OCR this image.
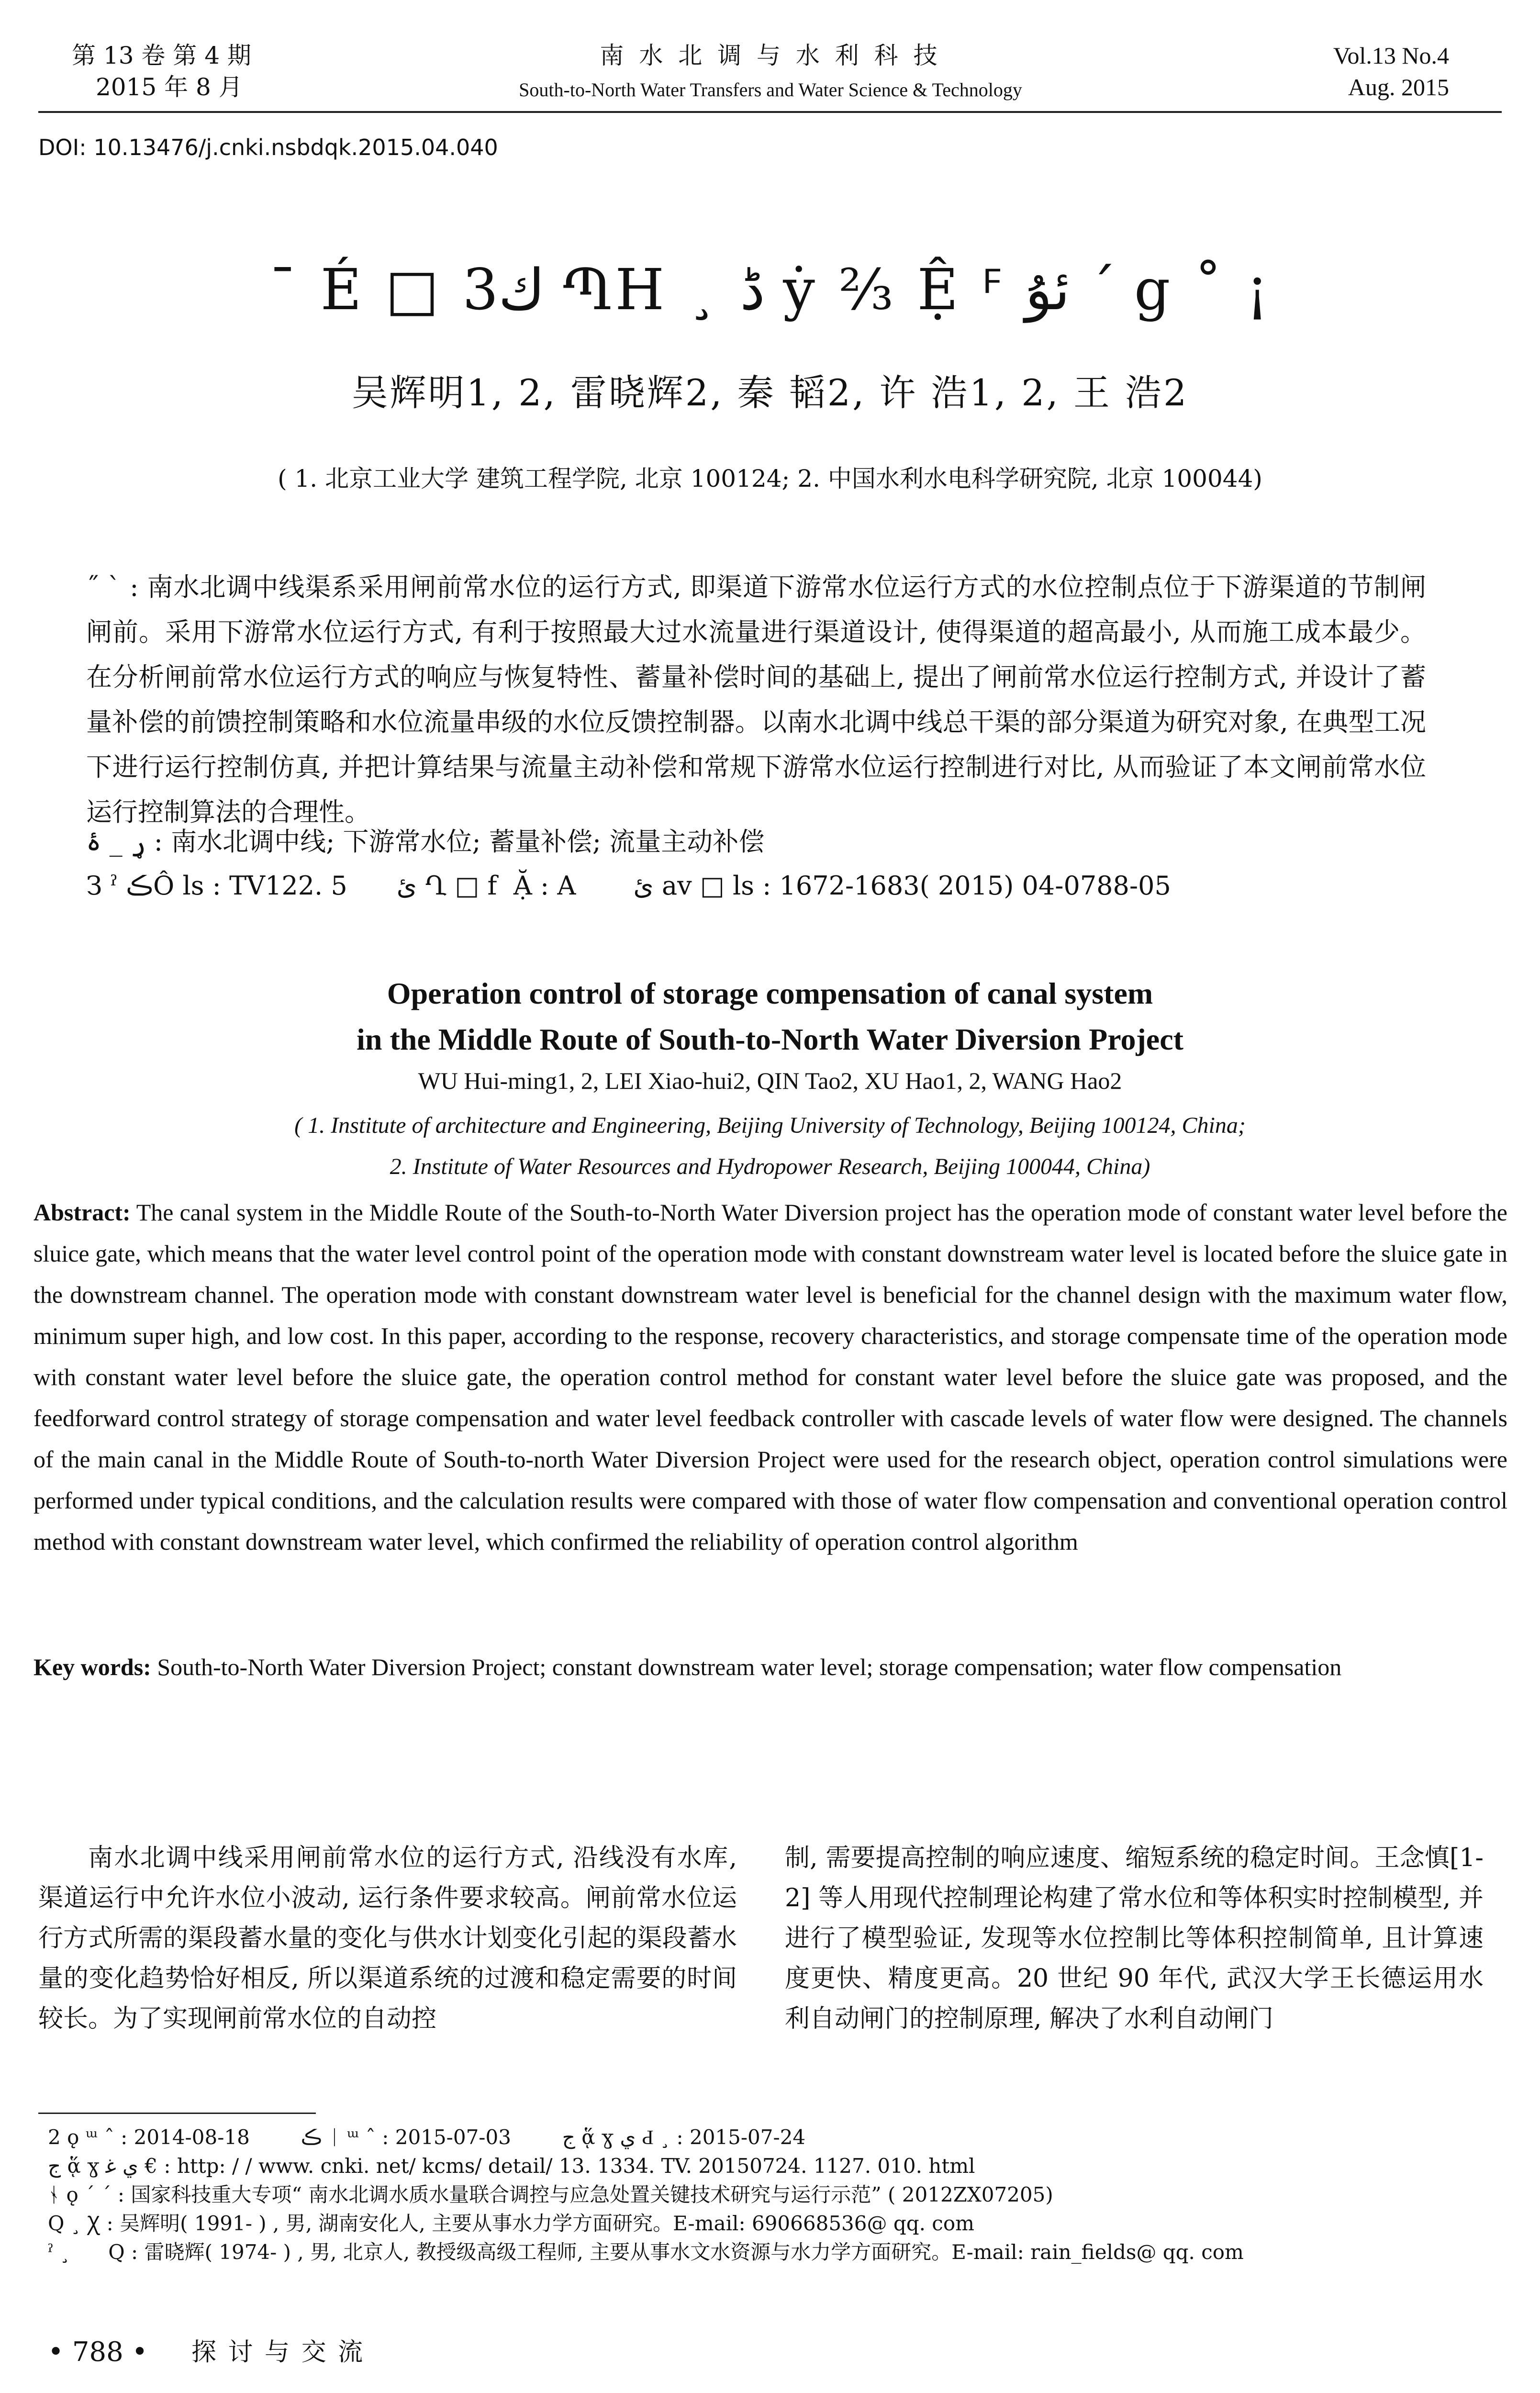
第 13 卷 第 4 期
2015 年 8 月
南 水 北 调 与 水 利 科 技
South-to-North Water Transfers and Water Science & Technology
Vol.13 No.4
Aug. 2015
DOI: 10.13476/j.cnki.nsbdqk.2015.04.040
¯ É □ ك3 ՊH ¸ ڈ ẏ ⅔ Ệ ꟳ ئۇ ´ g ˚ ¡
吴辉明1, 2, 雷晓辉2, 秦 韬2, 许 浩1, 2, 王 浩2
( 1. 北京工业大学 建筑工程学院, 北京 100124; 2. 中国水利水电科学研究院, 北京 100044)
˝ ˋ : 南水北调中线渠系采用闸前常水位的运行方式, 即渠道下游常水位运行方式的水位控制点位于下游渠道的节制闸闸前。采用下游常水位运行方式, 有利于按照最大过水流量进行渠道设计, 使得渠道的超高最小, 从而施工成本最少。在分析闸前常水位运行方式的响应与恢复特性、蓄量补偿时间的基础上, 提出了闸前常水位运行控制方式, 并设计了蓄量补偿的前馈控制策略和水位流量串级的水位反馈控制器。以南水北调中线总干渠的部分渠道为研究对象, 在典型工况下进行运行控制仿真, 并把计算结果与流量主动补偿和常规下游常水位运行控制进行对比, 从而验证了本文闸前常水位运行控制算法的合理性。
ړ _ ۂ : 南水北调中线; 下游常水位; 蓄量补偿; 流量主动补偿
З ˀ ڪÔ ls : TV122. 5      ئ Ղ □ f  Ặ : A       ئ av □ ls : 1672-1683( 2015) 04-0788-05
Operation control of storage compensation of canal system
in the Middle Route of South-to-North Water Diversion Project
WU Hui-ming1, 2, LEI Xiao-hui2, QIN Tao2, XU Hao1, 2, WANG Hao2
( 1. Institute of architecture and Engineering, Beijing University of Technology, Beijing 100124, China;
2. Institute of Water Resources and Hydropower Research, Beijing 100044, China)
Abstract: The canal system in the Middle Route of the South-to-North Water Diversion project has the operation mode of constant water level before the sluice gate, which means that the water level control point of the operation mode with constant downstream water level is located before the sluice gate in the downstream channel. The operation mode with constant downstream water level is beneficial for the channel design with the maximum water flow, minimum super high, and low cost. In this paper, according to the response, recovery characteristics, and storage compensate time of the operation mode with constant water level before the sluice gate, the operation control method for constant water level before the sluice gate was proposed, and the feedforward control strategy of storage compensation and water level feedback controller with cascade levels of water flow were designed. The channels of the main canal in the Middle Route of South-to-north Water Diversion Project were used for the research object, operation control simulations were performed under typical conditions, and the calculation results were compared with those of water flow compensation and conventional operation control method with constant downstream water level, which confirmed the reliability of operation control algorithm
Key words: South-to-North Water Diversion Project; constant downstream water level; storage compensation; water flow compensation
南水北调中线采用闸前常水位的运行方式, 沿线没有水库, 渠道运行中允许水位小波动, 运行条件要求较高。闸前常水位运行方式所需的渠段蓄水量的变化与供水计划变化引起的渠段蓄水量的变化趋势恰好相反, 所以渠道系统的过渡和稳定需要的时间较长。为了实现闸前常水位的自动控
制, 需要提高控制的响应速度、缩短系统的稳定时间。王念慎[1-2] 等人用现代控制理论构建了常水位和等体积实时控制模型, 并进行了模型验证, 发现等水位控制比等体积控制简单, 且计算速度更快、精度更高。20 世纪 90 年代, 武汉大学王长德运用水利自动闸门的控制原理, 解决了水利自动闸门
2 ǫ ᵚ ˆ : 2014-08-18        ڪ ᛁ ᵚ ˆ : 2015-07-03        ج ᾅ ɣ ي Ԁ ¸ : 2015-07-24
ج ᾅ ɣ ي ﻏ € : http: / / www. cnki. net/ kcms/ detail/ 13. 1334. TV. 20150724. 1127. 010. html
ᛀ ǫ ´ ´ : 国家科技重大专项“ 南水北调水质水量联合调控与应急处置关键技术研究与运行示范” ( 2012ZX07205)
Q ¸ Ꭓ : 吴辉明( 1991- ) , 男, 湖南安化人, 主要从事水力学方面研究。E-mail: 690668536@ qq. com
ˀ ¸      Q : 雷晓辉( 1974- ) , 男, 北京人, 教授级高级工程师, 主要从事水文水资源与水力学方面研究。E-mail: rain_fields@ qq. com
• 788 • 探 讨 与 交 流
